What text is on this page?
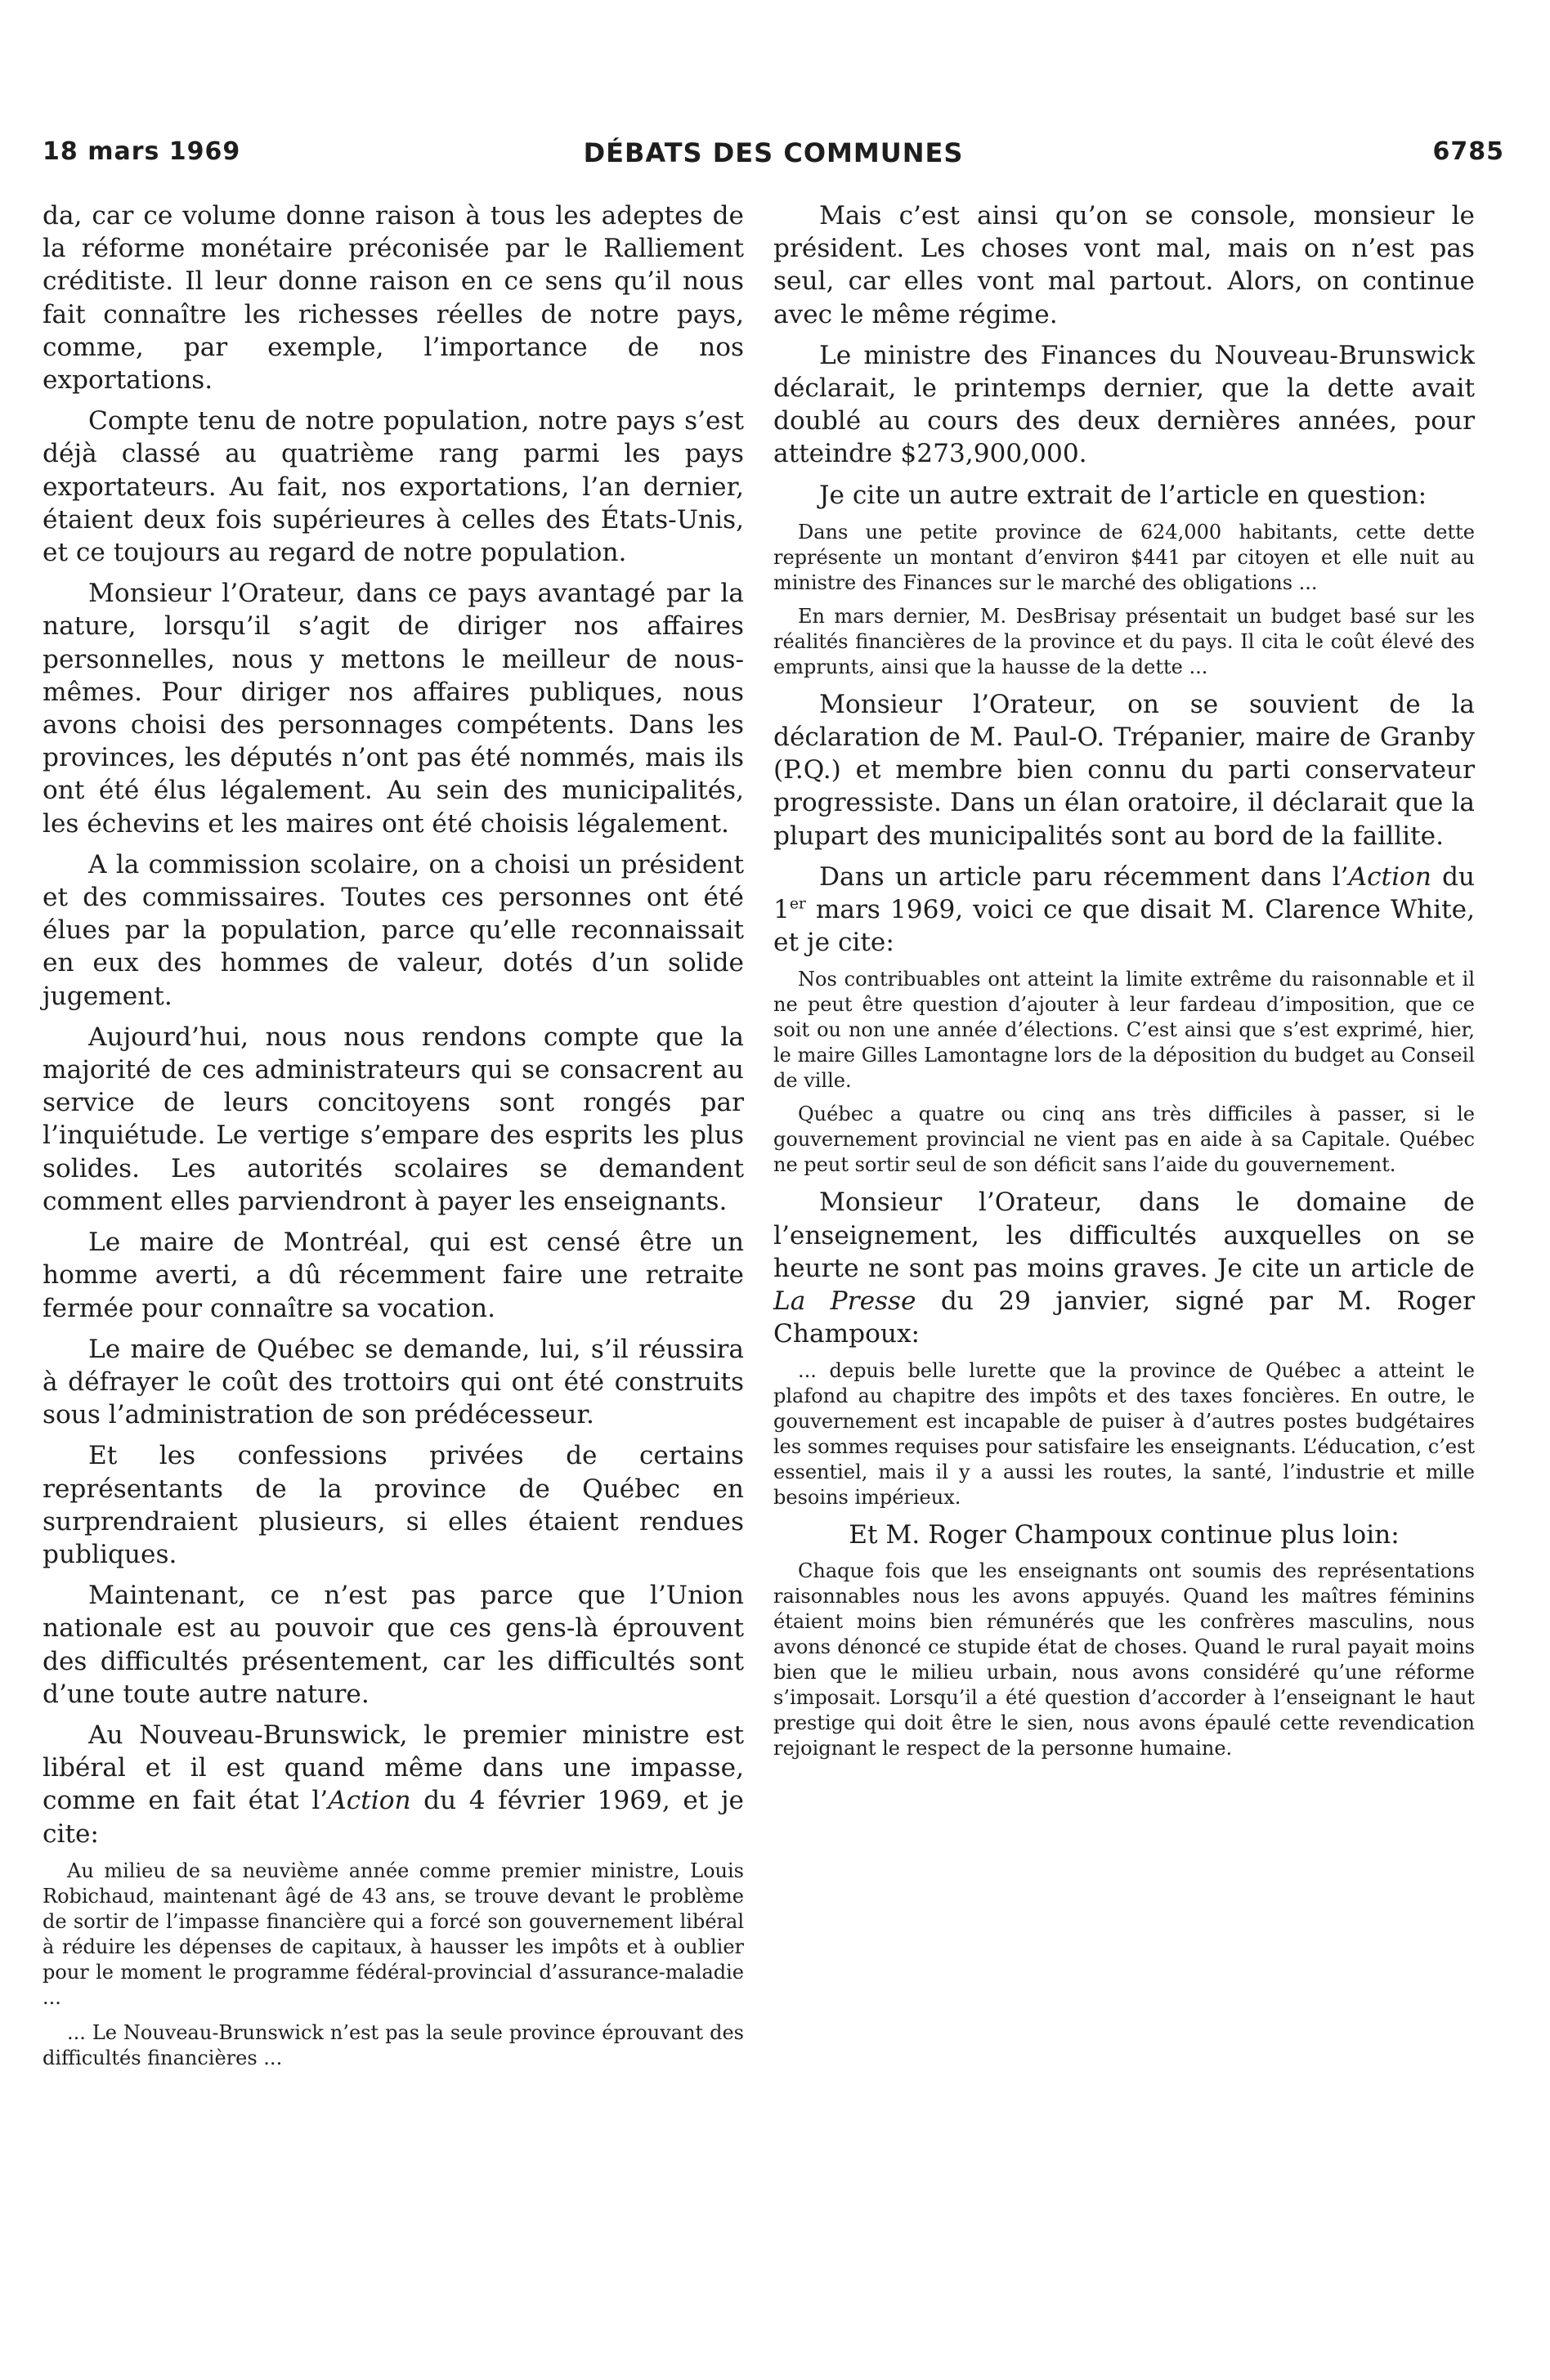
18 mars 1969	DÉBATS DES COMMUNES	6785

da, car ce volume donne raison à tous les adeptes de la réforme monétaire préconisée par le Ralliement créditiste. Il leur donne raison en ce sens qu’il nous fait connaître les richesses réelles de notre pays, comme, par exemple, l’importance de nos exportations.

Compte tenu de notre population, notre pays s’est déjà classé au quatrième rang parmi les pays exportateurs. Au fait, nos exportations, l’an dernier, étaient deux fois supérieures à celles des États-Unis, et ce toujours au regard de notre population.

Monsieur l’Orateur, dans ce pays avantagé par la nature, lorsqu’il s’agit de diriger nos affaires personnelles, nous y mettons le meilleur de nous-mêmes. Pour diriger nos affaires publiques, nous avons choisi des personnages compétents. Dans les provinces, les députés n’ont pas été nommés, mais ils ont été élus légalement. Au sein des municipalités, les échevins et les maires ont été choisis légalement.

A la commission scolaire, on a choisi un président et des commissaires. Toutes ces personnes ont été élues par la population, parce qu’elle reconnaissait en eux des hommes de valeur, dotés d’un solide jugement.

Aujourd’hui, nous nous rendons compte que la majorité de ces administrateurs qui se consacrent au service de leurs concitoyens sont rongés par l’inquiétude. Le vertige s’empare des esprits les plus solides. Les autorités scolaires se demandent comment elles parviendront à payer les enseignants.

Le maire de Montréal, qui est censé être un homme averti, a dû récemment faire une retraite fermée pour connaître sa vocation.

Le maire de Québec se demande, lui, s’il réussira à défrayer le coût des trottoirs qui ont été construits sous l’administration de son prédécesseur.

Et les confessions privées de certains représentants de la province de Québec en surprendraient plusieurs, si elles étaient rendues publiques.

Maintenant, ce n’est pas parce que l’Union nationale est au pouvoir que ces gens-là éprouvent des difficultés présentement, car les difficultés sont d’une toute autre nature.

Au Nouveau-Brunswick, le premier ministre est libéral et il est quand même dans une impasse, comme en fait état l’Action du 4 février 1969, et je cite:

Au milieu de sa neuvième année comme premier ministre, Louis Robichaud, maintenant âgé de 43 ans, se trouve devant le problème de sortir de l’impasse financière qui a forcé son gouvernement libéral à réduire les dépenses de capitaux, à hausser les impôts et à oublier pour le moment le programme fédéral-provincial d’assurance-maladie ...

... Le Nouveau-Brunswick n’est pas la seule province éprouvant des difficultés financières ...

Mais c’est ainsi qu’on se console, monsieur le président. Les choses vont mal, mais on n’est pas seul, car elles vont mal partout. Alors, on continue avec le même régime.

Le ministre des Finances du Nouveau-Brunswick déclarait, le printemps dernier, que la dette avait doublé au cours des deux dernières années, pour atteindre $273,900,000.

Je cite un autre extrait de l’article en question:

Dans une petite province de 624,000 habitants, cette dette représente un montant d’environ $441 par citoyen et elle nuit au ministre des Finances sur le marché des obligations ...

En mars dernier, M. DesBrisay présentait un budget basé sur les réalités financières de la province et du pays. Il cita le coût élevé des emprunts, ainsi que la hausse de la dette ...

Monsieur l’Orateur, on se souvient de la déclaration de M. Paul-O. Trépanier, maire de Granby (P.Q.) et membre bien connu du parti conservateur progressiste. Dans un élan oratoire, il déclarait que la plupart des municipalités sont au bord de la faillite.

Dans un article paru récemment dans l’Action du 1er mars 1969, voici ce que disait M. Clarence White, et je cite:

Nos contribuables ont atteint la limite extrême du raisonnable et il ne peut être question d’ajouter à leur fardeau d’imposition, que ce soit ou non une année d’élections. C’est ainsi que s’est exprimé, hier, le maire Gilles Lamontagne lors de la déposition du budget au Conseil de ville.

Québec a quatre ou cinq ans très difficiles à passer, si le gouvernement provincial ne vient pas en aide à sa Capitale. Québec ne peut sortir seul de son déficit sans l’aide du gouvernement.

Monsieur l’Orateur, dans le domaine de l’enseignement, les difficultés auxquelles on se heurte ne sont pas moins graves. Je cite un article de La Presse du 29 janvier, signé par M. Roger Champoux:

... depuis belle lurette que la province de Québec a atteint le plafond au chapitre des impôts et des taxes foncières. En outre, le gouvernement est incapable de puiser à d’autres postes budgétaires les sommes requises pour satisfaire les enseignants. L’éducation, c’est essentiel, mais il y a aussi les routes, la santé, l’industrie et mille besoins impérieux.

Et M. Roger Champoux continue plus loin:

Chaque fois que les enseignants ont soumis des représentations raisonnables nous les avons appuyés. Quand les maîtres féminins étaient moins bien rémunérés que les confrères masculins, nous avons dénoncé ce stupide état de choses. Quand le rural payait moins bien que le milieu urbain, nous avons considéré qu’une réforme s’imposait. Lorsqu’il a été question d’accorder à l’enseignant le haut prestige qui doit être le sien, nous avons épaulé cette revendication rejoignant le respect de la personne humaine.
